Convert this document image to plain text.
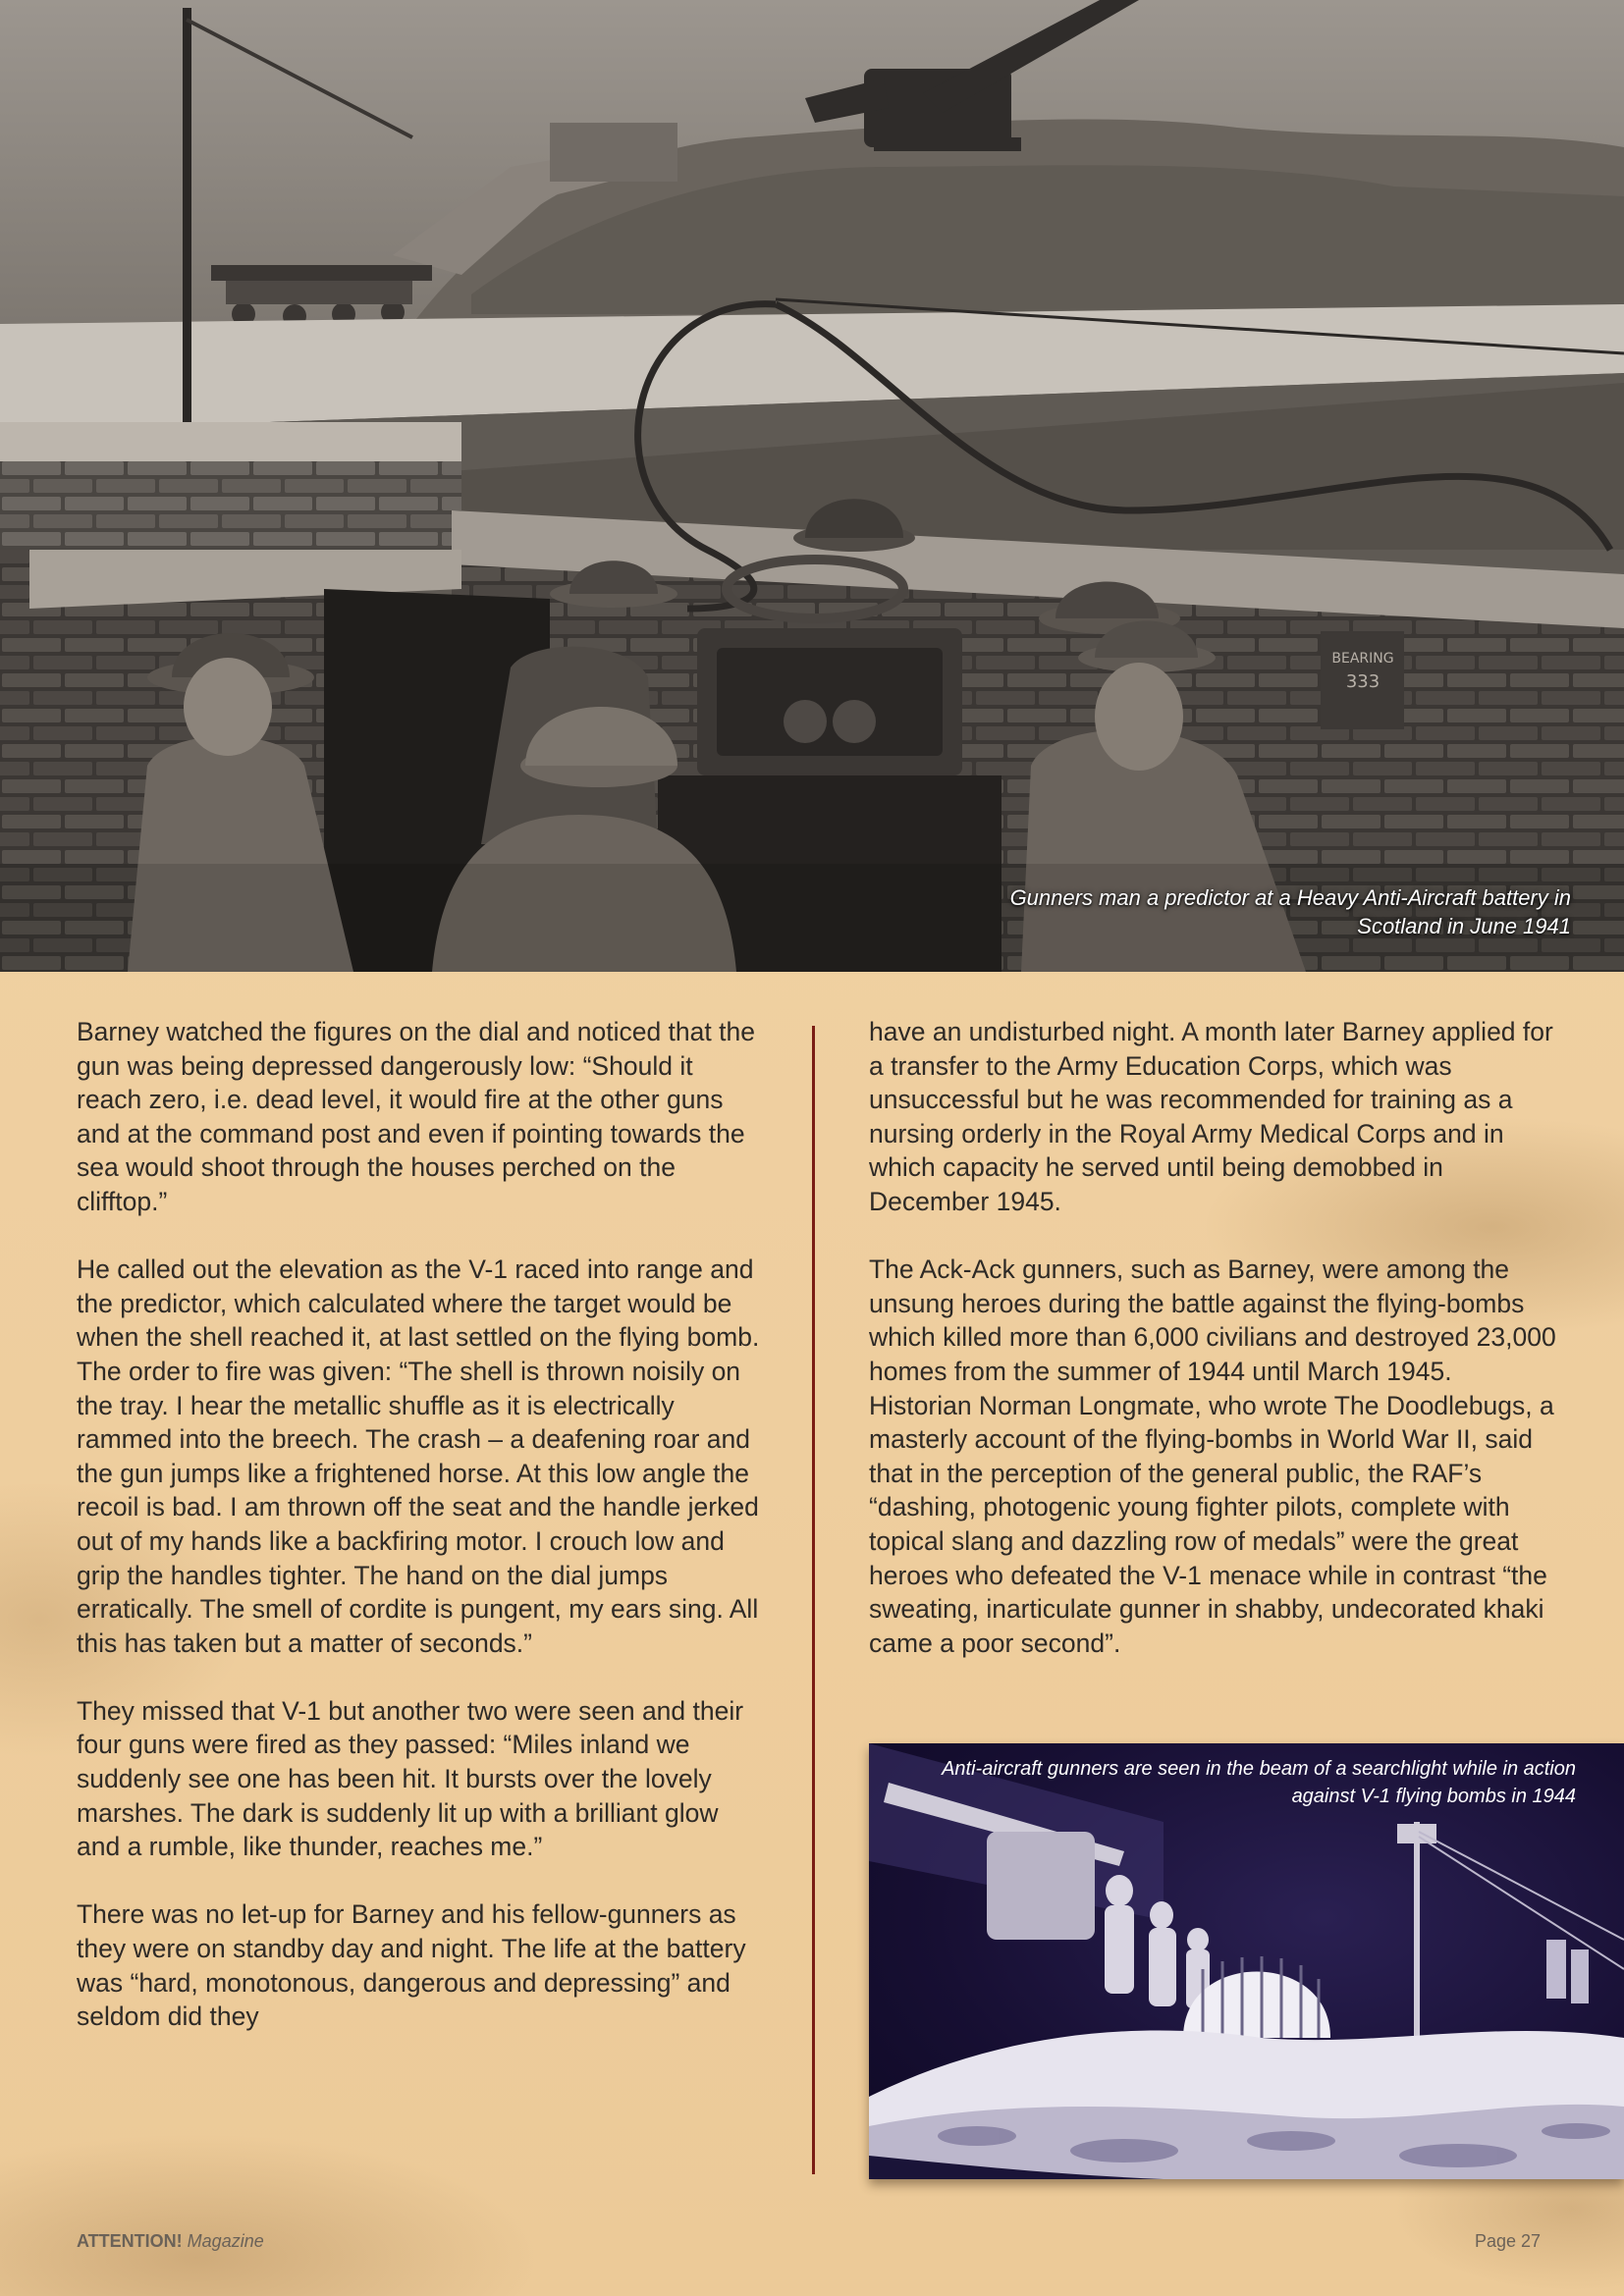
BEARING
333
Gunners man a predictor at a Heavy Anti-Aircraft battery in Scotland in June 1941

Barney watched the figures on the dial and noticed that the gun was being depressed dangerously low: “Should it reach zero, i.e. dead level, it would fire at the other guns and at the command post and even if pointing towards the sea would shoot through the houses perched on the clifftop.”

He called out the elevation as the V-1 raced into range and the predictor, which calculated where the target would be when the shell reached it, at last settled on the flying bomb. The order to fire was given: “The shell is thrown noisily on the tray. I hear the metallic shuffle as it is electrically rammed into the breech. The crash – a deafening roar and the gun jumps like a frightened horse. At this low angle the recoil is bad. I am thrown off the seat and the handle jerked out of my hands like a backfiring motor. I crouch low and grip the handles tighter. The hand on the dial jumps erratically. The smell of cordite is pungent, my ears sing. All this has taken but a matter of seconds.”

They missed that V-1 but another two were seen and their four guns were fired as they passed: “Miles inland we suddenly see one has been hit. It bursts over the lovely marshes. The dark is suddenly lit up with a brilliant glow and a rumble, like thunder, reaches me.”

There was no let-up for Barney and his fellow-gunners as they were on standby day and night. The life at the battery was “hard, monotonous, dangerous and depressing” and seldom did they

have an undisturbed night. A month later Barney applied for a transfer to the Army Education Corps, which was unsuccessful but he was recommended for training as a nursing orderly in the Royal Army Medical Corps and in which capacity he served until being demobbed in December 1945.

The Ack-Ack gunners, such as Barney, were among the unsung heroes during the battle against the flying-bombs which killed more than 6,000 civilians and destroyed 23,000 homes from the summer of 1944 until March 1945. Historian Norman Longmate, who wrote The Doodlebugs, a masterly account of the flying-bombs in World War II, said that in the perception of the general public, the RAF’s “dashing, photogenic young fighter pilots, complete with topical slang and dazzling row of medals” were the great heroes who defeated the V-1 menace while in contrast “the sweating, inarticulate gunner in shabby, undecorated khaki came a poor second”.

Anti-aircraft gunners are seen in the beam of a searchlight while in action against V-1 flying bombs in 1944
ATTENTION! Magazine	Page 27
